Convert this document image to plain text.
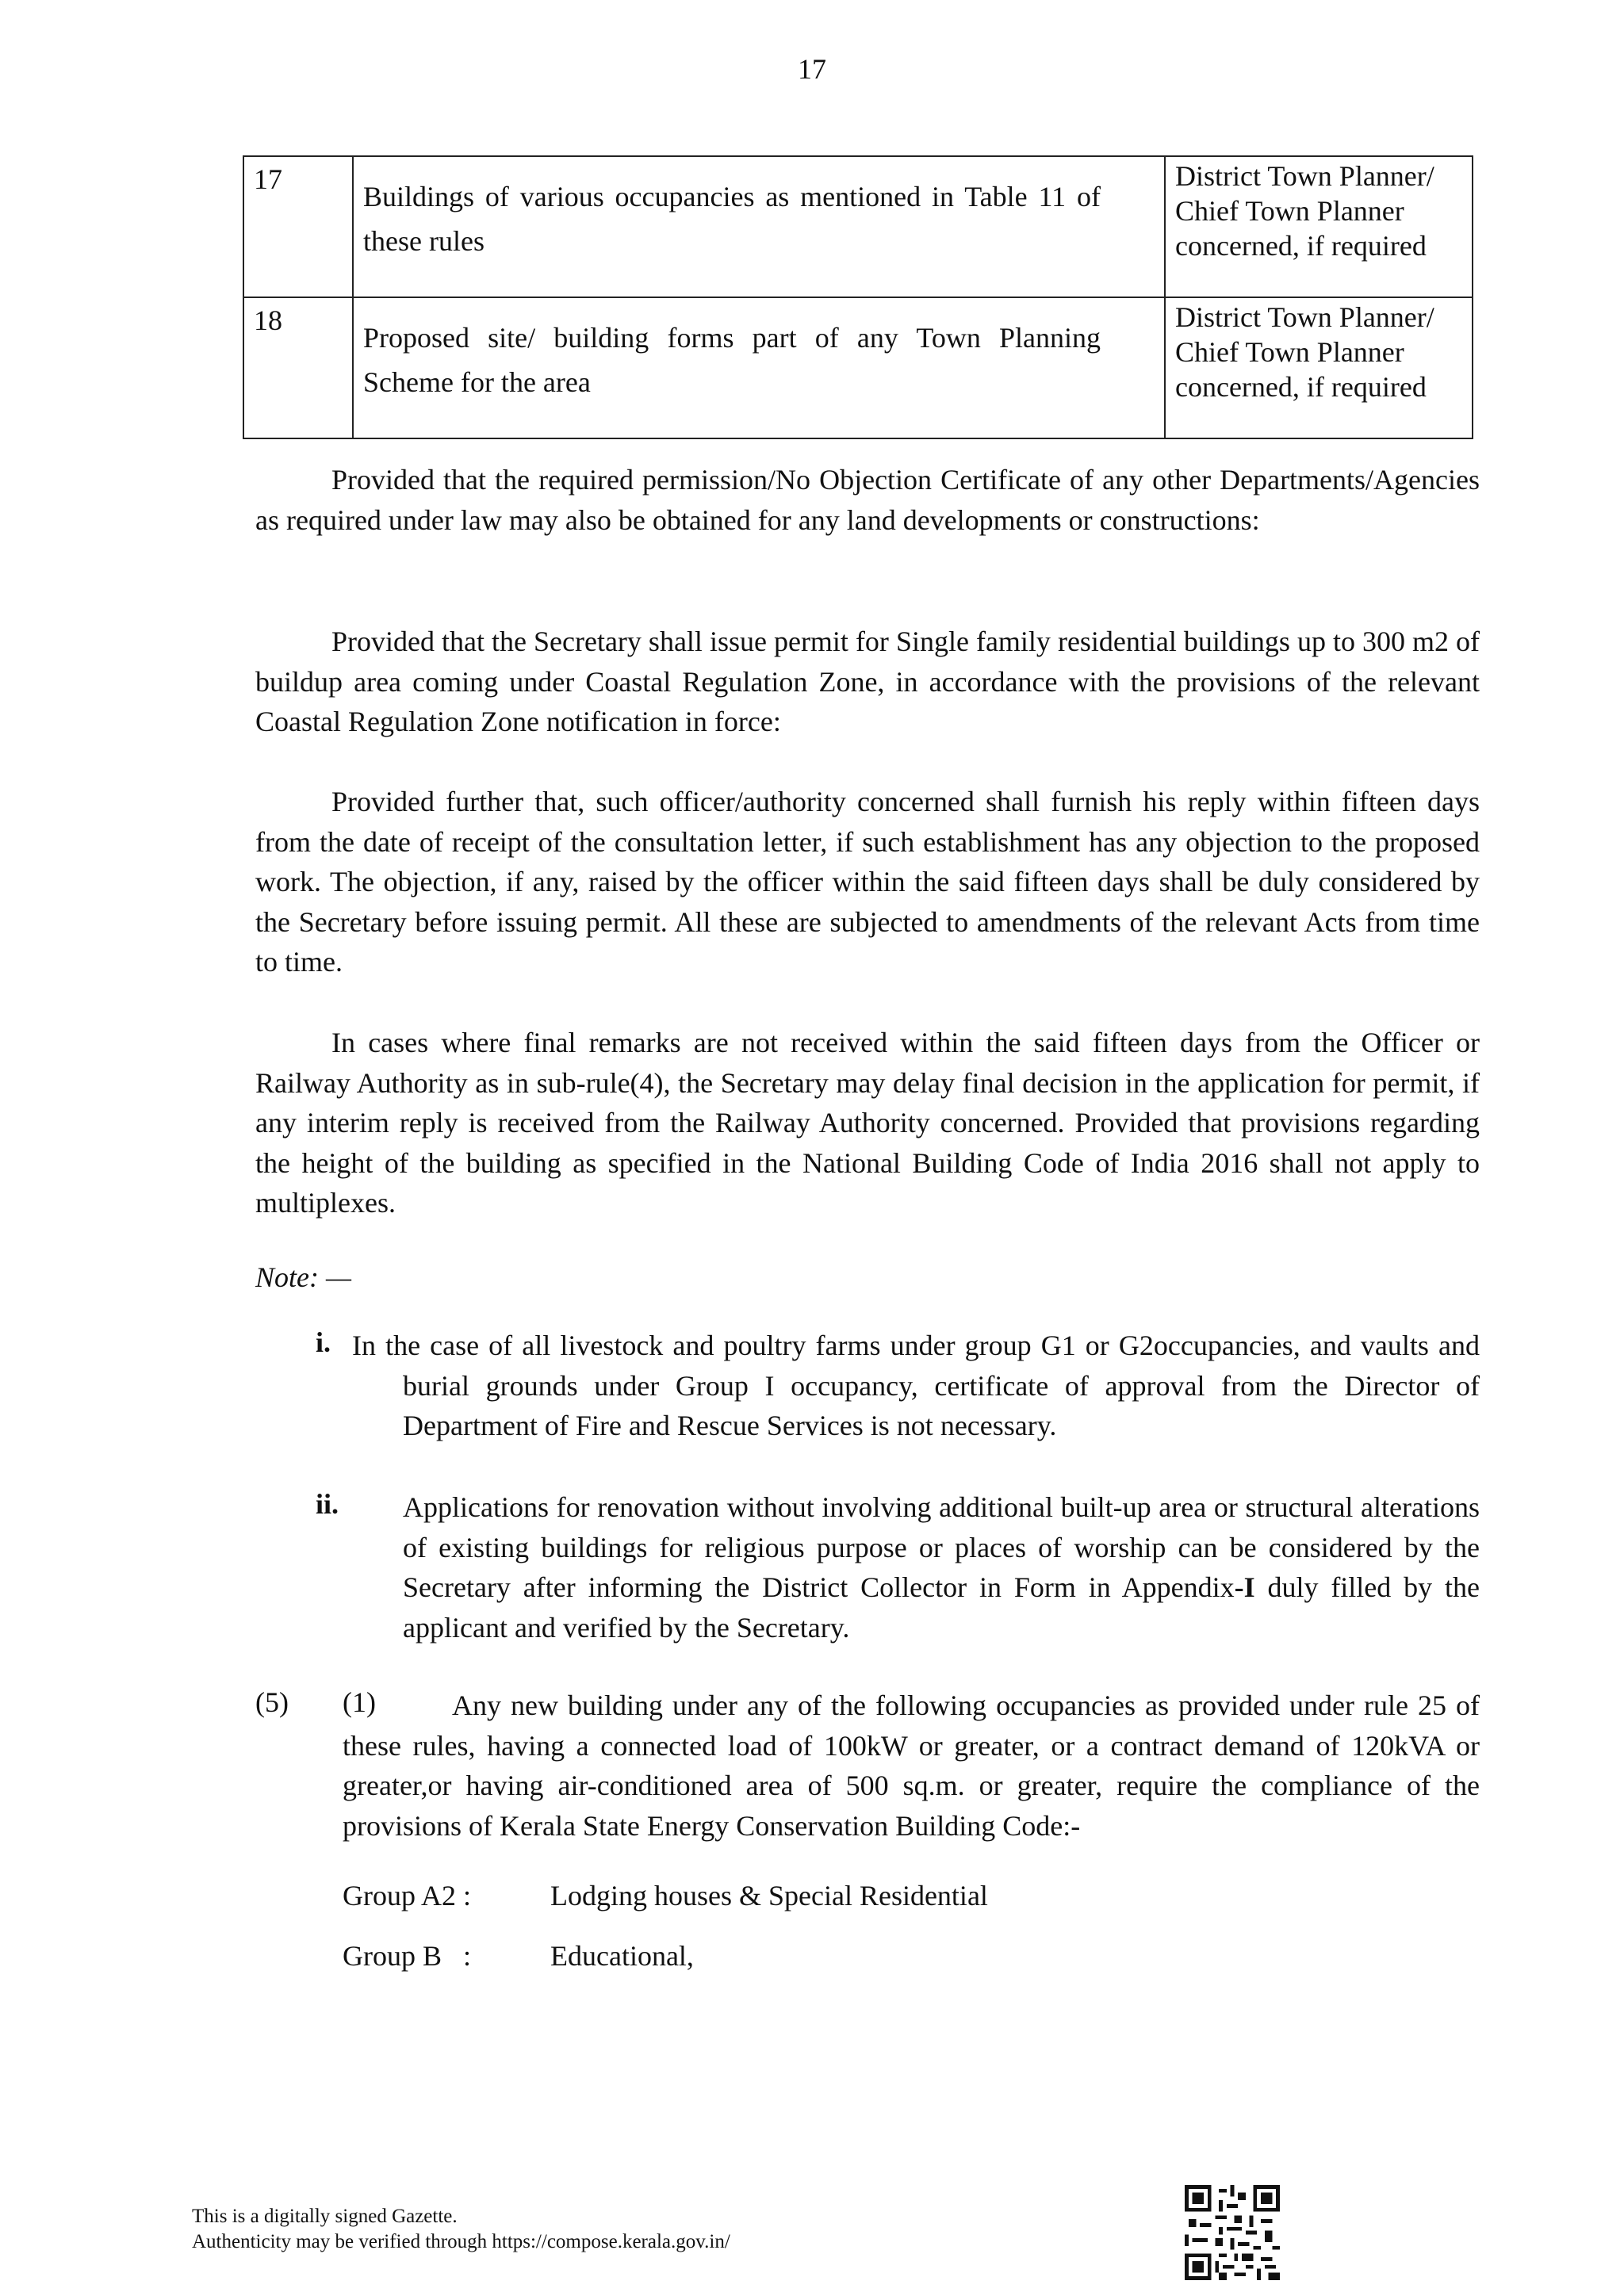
17
17	Buildings of various occupancies as mentioned in Table 11 of these rules	District Town Planner/ Chief Town Planner concerned, if required
18	Proposed site/ building forms part of any Town Planning Scheme for the area	District Town Planner/ Chief Town Planner concerned, if required

Provided that the required permission/No Objection Certificate of any other Departments/Agencies as required under law may also be obtained for any land developments or constructions:

Provided that the Secretary shall issue permit for Single family residential buildings up to 300 m2 of buildup area coming under Coastal Regulation Zone, in accordance with the provisions of the relevant Coastal Regulation Zone notification in force:

Provided further that, such officer/authority concerned shall furnish his reply within fifteen days from the date of receipt of the consultation letter, if such establishment has any objection to the proposed work. The objection, if any, raised by the officer within the said fifteen days shall be duly considered by the Secretary before issuing permit. All these are subjected to amendments of the relevant Acts from time to time.

In cases where final remarks are not received within the said fifteen days from the Officer or Railway Authority as in sub-rule(4), the Secretary may delay final decision in the application for permit, if any interim reply is received from the Railway Authority concerned. Provided that provisions regarding the height of the building as specified in the National Building Code of India 2016 shall not apply to multiplexes.

Note: —

i. In the case of all livestock and poultry farms under group G1 or G2occupancies, and vaults and burial grounds under Group I occupancy, certificate of approval from the Director of Department of Fire and Rescue Services is not necessary.

ii. Applications for renovation without involving additional built-up area or structural alterations of existing buildings for religious purpose or places of worship can be considered by the Secretary after informing the District Collector in Form in Appendix-I duly filled by the applicant and verified by the Secretary.

(5) (1)	Any new building under any of the following occupancies as provided under rule 25 of these rules, having a connected load of 100kW or greater, or a contract demand of 120kVA or greater,or having air-conditioned area of 500 sq.m. or greater, require the compliance of the provisions of Kerala State Energy Conservation Building Code:-

Group A2 :	Lodging houses & Special Residential
Group B   :	Educational,
This is a digitally signed Gazette.
Authenticity may be verified through https://compose.kerala.gov.in/
